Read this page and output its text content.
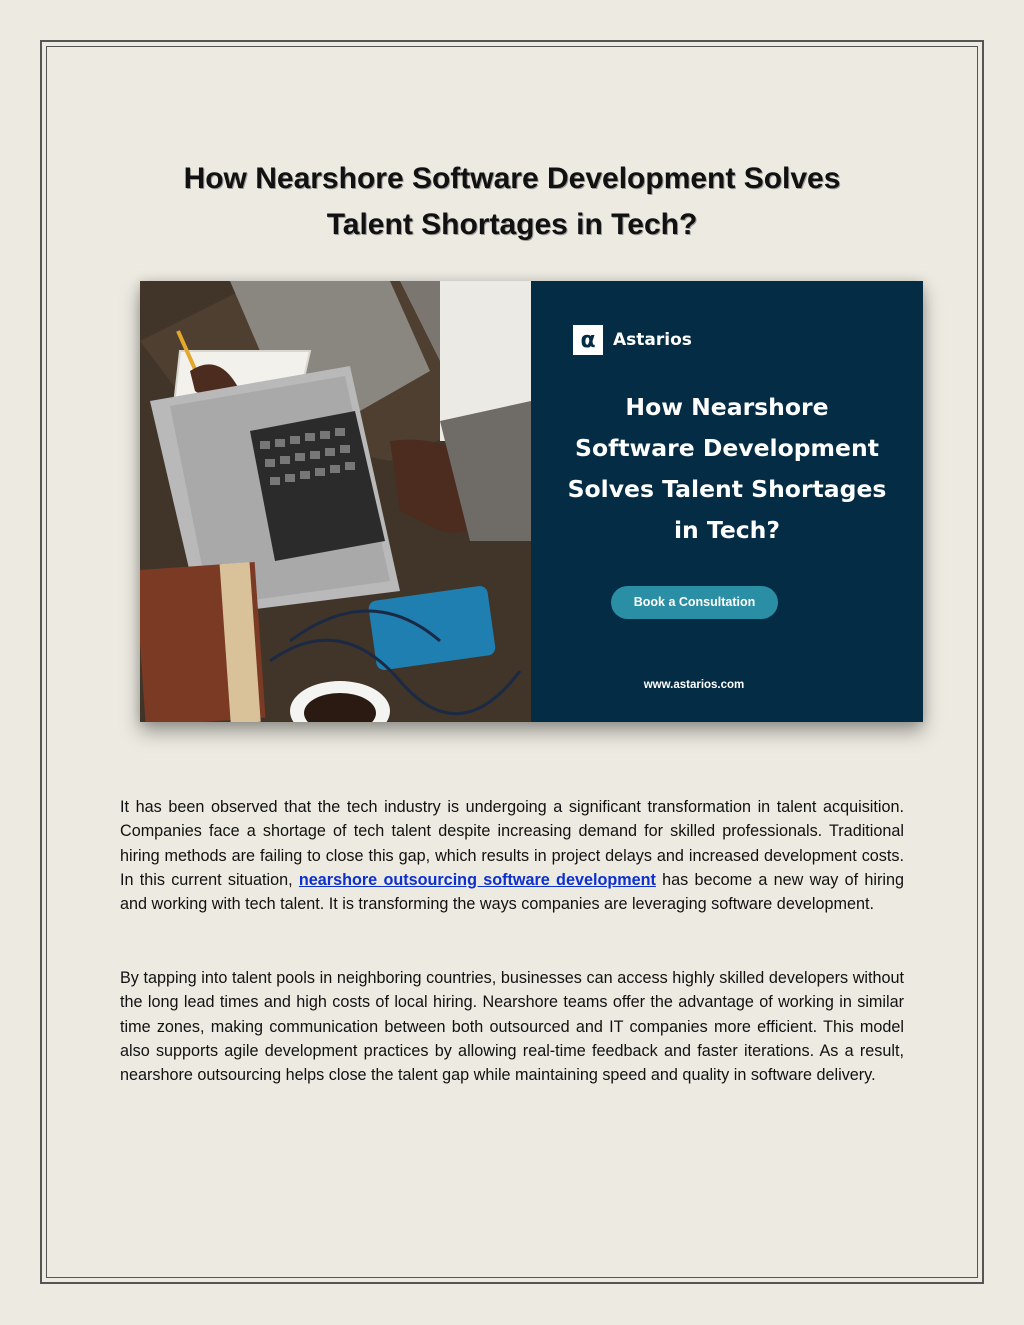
How Nearshore Software Development Solves
Talent Shortages in Tech?
α	Astarios
How Nearshore
Software Development
Solves Talent Shortages
in Tech?
Book a Consultation
www.astarios.com

It has been observed that the tech industry is undergoing a significant transformation in talent acquisition. Companies face a shortage of tech talent despite increasing demand for skilled professionals. Traditional hiring methods are failing to close this gap, which results in project delays and increased development costs. In this current situation, nearshore outsourcing software development has become a new way of hiring and working with tech talent. It is transforming the ways companies are leveraging software development.

By tapping into talent pools in neighboring countries, businesses can access highly skilled developers without the long lead times and high costs of local hiring. Nearshore teams offer the advantage of working in similar time zones, making communication between both outsourced and IT companies more efficient. This model also supports agile development practices by allowing real-time feedback and faster iterations. As a result, nearshore outsourcing helps close the talent gap while maintaining speed and quality in software delivery.
